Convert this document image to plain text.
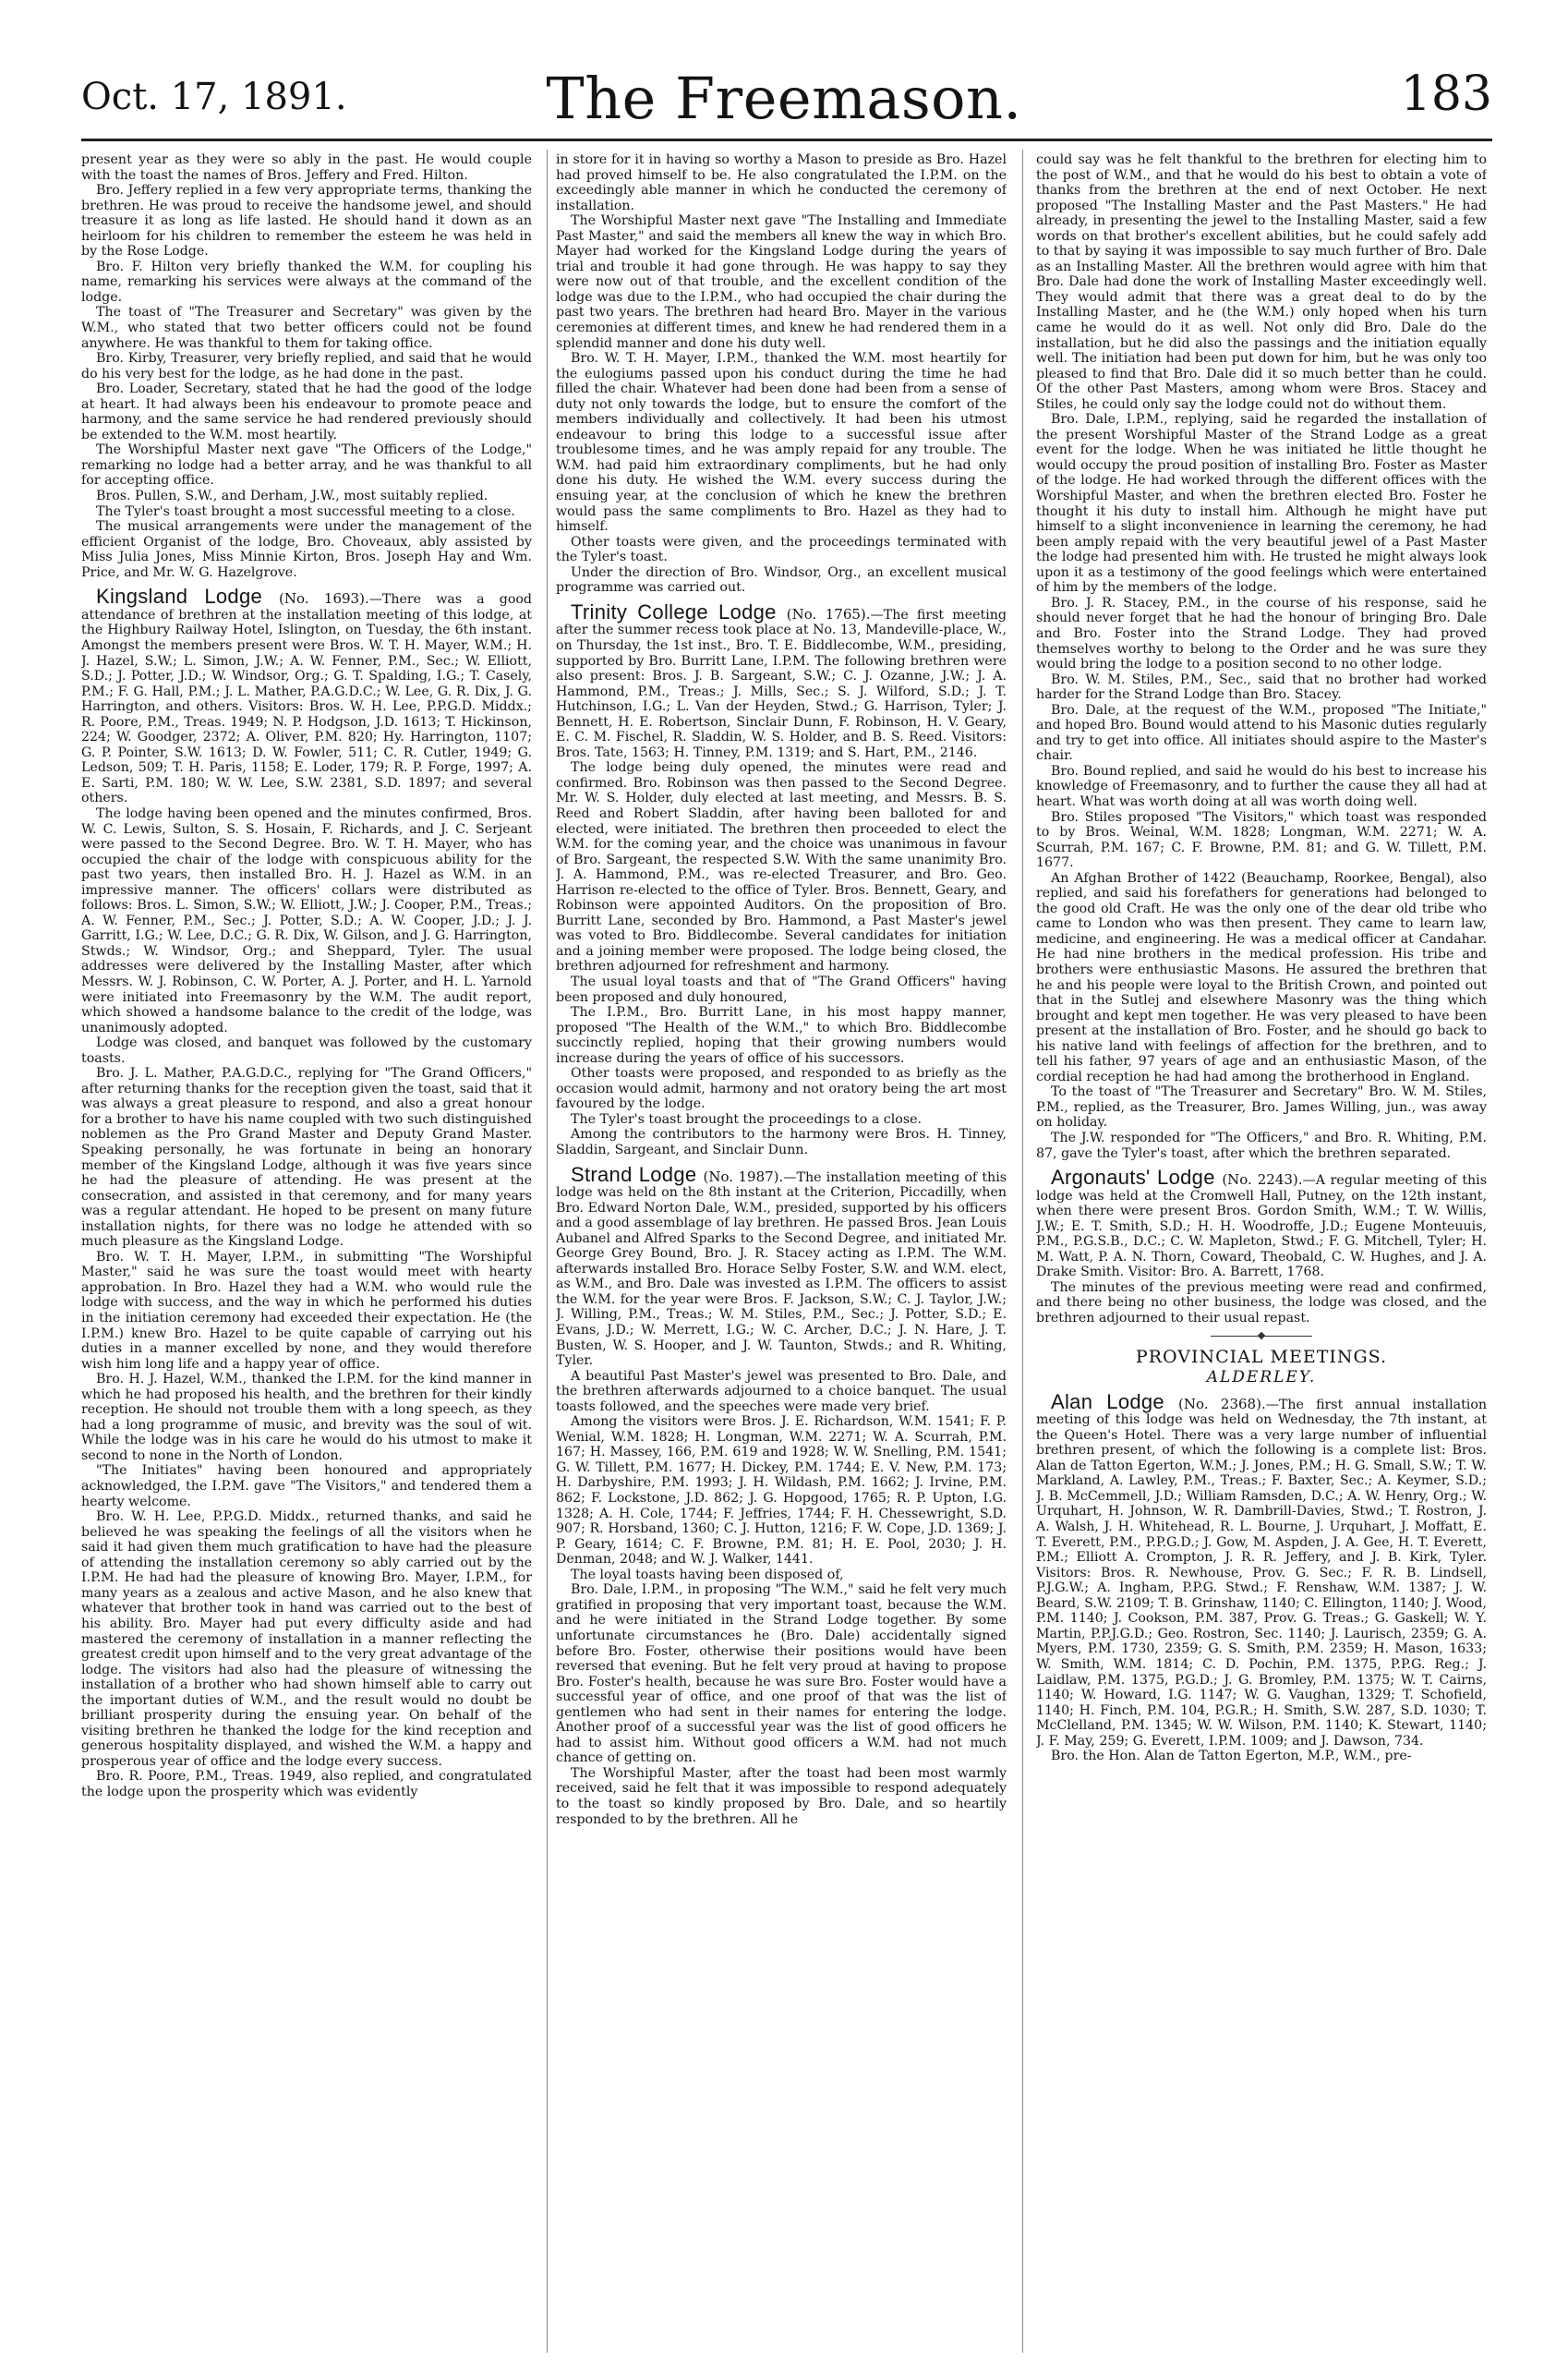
Oct. 17, 1891.	The Freemason.	183

present year as they were so ably in the past. He would couple with the toast the names of Bros. Jeffery and Fred. Hilton.

Bro. Jeffery replied in a few very appropriate terms, thanking the brethren. He was proud to receive the handsome jewel, and should treasure it as long as life lasted. He should hand it down as an heirloom for his children to remember the esteem he was held in by the Rose Lodge.

Bro. F. Hilton very briefly thanked the W.M. for coupling his name, remarking his services were always at the command of the lodge.

The toast of "The Treasurer and Secretary" was given by the W.M., who stated that two better officers could not be found anywhere. He was thankful to them for taking office.

Bro. Kirby, Treasurer, very briefly replied, and said that he would do his very best for the lodge, as he had done in the past.

Bro. Loader, Secretary, stated that he had the good of the lodge at heart. It had always been his endeavour to promote peace and harmony, and the same service he had rendered previously should be extended to the W.M. most heartily.

The Worshipful Master next gave "The Officers of the Lodge," remarking no lodge had a better array, and he was thankful to all for accepting office.

Bros. Pullen, S.W., and Derham, J.W., most suitably replied.

The Tyler's toast brought a most successful meeting to a close.

The musical arrangements were under the management of the efficient Organist of the lodge, Bro. Choveaux, ably assisted by Miss Julia Jones, Miss Minnie Kirton, Bros. Joseph Hay and Wm. Price, and Mr. W. G. Hazelgrove.

Kingsland Lodge (No. 1693).—There was a good attendance of brethren at the installation meeting of this lodge, at the Highbury Railway Hotel, Islington, on Tuesday, the 6th instant. Amongst the members present were Bros. W. T. H. Mayer, W.M.; H. J. Hazel, S.W.; L. Simon, J.W.; A. W. Fenner, P.M., Sec.; W. Elliott, S.D.; J. Potter, J.D.; W. Windsor, Org.; G. T. Spalding, I.G.; T. Casely, P.M.; F. G. Hall, P.M.; J. L. Mather, P.A.G.D.C.; W. Lee, G. R. Dix, J. G. Harrington, and others. Visitors: Bros. W. H. Lee, P.P.G.D. Middx.; R. Poore, P.M., Treas. 1949; N. P. Hodgson, J.D. 1613; T. Hickinson, 224; W. Goodger, 2372; A. Oliver, P.M. 820; Hy. Harrington, 1107; G. P. Pointer, S.W. 1613; D. W. Fowler, 511; C. R. Cutler, 1949; G. Ledson, 509; T. H. Paris, 1158; E. Loder, 179; R. P. Forge, 1997; A. E. Sarti, P.M. 180; W. W. Lee, S.W. 2381, S.D. 1897; and several others.

The lodge having been opened and the minutes confirmed, Bros. W. C. Lewis, Sulton, S. S. Hosain, F. Richards, and J. C. Serjeant were passed to the Second Degree. Bro. W. T. H. Mayer, who has occupied the chair of the lodge with conspicuous ability for the past two years, then installed Bro. H. J. Hazel as W.M. in an impressive manner. The officers' collars were distributed as follows: Bros. L. Simon, S.W.; W. Elliott, J.W.; J. Cooper, P.M., Treas.; A. W. Fenner, P.M., Sec.; J. Potter, S.D.; A. W. Cooper, J.D.; J. J. Garritt, I.G.; W. Lee, D.C.; G. R. Dix, W. Gilson, and J. G. Harrington, Stwds.; W. Windsor, Org.; and Sheppard, Tyler. The usual addresses were delivered by the Installing Master, after which Messrs. W. J. Robinson, C. W. Porter, A. J. Porter, and H. L. Yarnold were initiated into Freemasonry by the W.M. The audit report, which showed a handsome balance to the credit of the lodge, was unanimously adopted.

Lodge was closed, and banquet was followed by the customary toasts.

Bro. J. L. Mather, P.A.G.D.C., replying for "The Grand Officers," after returning thanks for the reception given the toast, said that it was always a great pleasure to respond, and also a great honour for a brother to have his name coupled with two such distinguished noblemen as the Pro Grand Master and Deputy Grand Master. Speaking personally, he was fortunate in being an honorary member of the Kingsland Lodge, although it was five years since he had the pleasure of attending. He was present at the consecration, and assisted in that ceremony, and for many years was a regular attendant. He hoped to be present on many future installation nights, for there was no lodge he attended with so much pleasure as the Kingsland Lodge.

Bro. W. T. H. Mayer, I.P.M., in submitting "The Worshipful Master," said he was sure the toast would meet with hearty approbation. In Bro. Hazel they had a W.M. who would rule the lodge with success, and the way in which he performed his duties in the initiation ceremony had exceeded their expectation. He (the I.P.M.) knew Bro. Hazel to be quite capable of carrying out his duties in a manner excelled by none, and they would therefore wish him long life and a happy year of office.

Bro. H. J. Hazel, W.M., thanked the I.P.M. for the kind manner in which he had proposed his health, and the brethren for their kindly reception. He should not trouble them with a long speech, as they had a long programme of music, and brevity was the soul of wit. While the lodge was in his care he would do his utmost to make it second to none in the North of London.

"The Initiates" having been honoured and appropriately acknowledged, the I.P.M. gave "The Visitors," and tendered them a hearty welcome.

Bro. W. H. Lee, P.P.G.D. Middx., returned thanks, and said he believed he was speaking the feelings of all the visitors when he said it had given them much gratification to have had the pleasure of attending the installation ceremony so ably carried out by the I.P.M. He had had the pleasure of knowing Bro. Mayer, I.P.M., for many years as a zealous and active Mason, and he also knew that whatever that brother took in hand was carried out to the best of his ability. Bro. Mayer had put every difficulty aside and had mastered the ceremony of installation in a manner reflecting the greatest credit upon himself and to the very great advantage of the lodge. The visitors had also had the pleasure of witnessing the installation of a brother who had shown himself able to carry out the important duties of W.M., and the result would no doubt be brilliant prosperity during the ensuing year. On behalf of the visiting brethren he thanked the lodge for the kind reception and generous hospitality displayed, and wished the W.M. a happy and prosperous year of office and the lodge every success.

Bro. R. Poore, P.M., Treas. 1949, also replied, and congratulated the lodge upon the prosperity which was evidently

in store for it in having so worthy a Mason to preside as Bro. Hazel had proved himself to be. He also congratulated the I.P.M. on the exceedingly able manner in which he conducted the ceremony of installation.

The Worshipful Master next gave "The Installing and Immediate Past Master," and said the members all knew the way in which Bro. Mayer had worked for the Kingsland Lodge during the years of trial and trouble it had gone through. He was happy to say they were now out of that trouble, and the excellent condition of the lodge was due to the I.P.M., who had occupied the chair during the past two years. The brethren had heard Bro. Mayer in the various ceremonies at different times, and knew he had rendered them in a splendid manner and done his duty well.

Bro. W. T. H. Mayer, I.P.M., thanked the W.M. most heartily for the eulogiums passed upon his conduct during the time he had filled the chair. Whatever had been done had been from a sense of duty not only towards the lodge, but to ensure the comfort of the members individually and collectively. It had been his utmost endeavour to bring this lodge to a successful issue after troublesome times, and he was amply repaid for any trouble. The W.M. had paid him extraordinary compliments, but he had only done his duty. He wished the W.M. every success during the ensuing year, at the conclusion of which he knew the brethren would pass the same compliments to Bro. Hazel as they had to himself.

Other toasts were given, and the proceedings terminated with the Tyler's toast.

Under the direction of Bro. Windsor, Org., an excellent musical programme was carried out.

Trinity College Lodge (No. 1765).—The first meeting after the summer recess took place at No. 13, Mandeville-place, W., on Thursday, the 1st inst., Bro. T. E. Biddlecombe, W.M., presiding, supported by Bro. Burritt Lane, I.P.M. The following brethren were also present: Bros. J. B. Sargeant, S.W.; C. J. Ozanne, J.W.; J. A. Hammond, P.M., Treas.; J. Mills, Sec.; S. J. Wilford, S.D.; J. T. Hutchinson, I.G.; L. Van der Heyden, Stwd.; G. Harrison, Tyler; J. Bennett, H. E. Robertson, Sinclair Dunn, F. Robinson, H. V. Geary, E. C. M. Fischel, R. Sladdin, W. S. Holder, and B. S. Reed. Visitors: Bros. Tate, 1563; H. Tinney, P.M. 1319; and S. Hart, P.M., 2146.

The lodge being duly opened, the minutes were read and confirmed. Bro. Robinson was then passed to the Second Degree. Mr. W. S. Holder, duly elected at last meeting, and Messrs. B. S. Reed and Robert Sladdin, after having been balloted for and elected, were initiated. The brethren then proceeded to elect the W.M. for the coming year, and the choice was unanimous in favour of Bro. Sargeant, the respected S.W. With the same unanimity Bro. J. A. Hammond, P.M., was re-elected Treasurer, and Bro. Geo. Harrison re-elected to the office of Tyler. Bros. Bennett, Geary, and Robinson were appointed Auditors. On the proposition of Bro. Burritt Lane, seconded by Bro. Hammond, a Past Master's jewel was voted to Bro. Biddlecombe. Several candidates for initiation and a joining member were proposed. The lodge being closed, the brethren adjourned for refreshment and harmony.

The usual loyal toasts and that of "The Grand Officers" having been proposed and duly honoured,

The I.P.M., Bro. Burritt Lane, in his most happy manner, proposed "The Health of the W.M.," to which Bro. Biddlecombe succinctly replied, hoping that their growing numbers would increase during the years of office of his successors.

Other toasts were proposed, and responded to as briefly as the occasion would admit, harmony and not oratory being the art most favoured by the lodge.

The Tyler's toast brought the proceedings to a close.

Among the contributors to the harmony were Bros. H. Tinney, Sladdin, Sargeant, and Sinclair Dunn.

Strand Lodge (No. 1987).—The installation meeting of this lodge was held on the 8th instant at the Criterion, Piccadilly, when Bro. Edward Norton Dale, W.M., presided, supported by his officers and a good assemblage of lay brethren. He passed Bros. Jean Louis Aubanel and Alfred Sparks to the Second Degree, and initiated Mr. George Grey Bound, Bro. J. R. Stacey acting as I.P.M. The W.M. afterwards installed Bro. Horace Selby Foster, S.W. and W.M. elect, as W.M., and Bro. Dale was invested as I.P.M. The officers to assist the W.M. for the year were Bros. F. Jackson, S.W.; C. J. Taylor, J.W.; J. Willing, P.M., Treas.; W. M. Stiles, P.M., Sec.; J. Potter, S.D.; E. Evans, J.D.; W. Merrett, I.G.; W. C. Archer, D.C.; J. N. Hare, J. T. Busten, W. S. Hooper, and J. W. Taunton, Stwds.; and R. Whiting, Tyler.

A beautiful Past Master's jewel was presented to Bro. Dale, and the brethren afterwards adjourned to a choice banquet. The usual toasts followed, and the speeches were made very brief.

Among the visitors were Bros. J. E. Richardson, W.M. 1541; F. P. Wenial, W.M. 1828; H. Longman, W.M. 2271; W. A. Scurrah, P.M. 167; H. Massey, 166, P.M. 619 and 1928; W. W. Snelling, P.M. 1541; G. W. Tillett, P.M. 1677; H. Dickey, P.M. 1744; E. V. New, P.M. 173; H. Darbyshire, P.M. 1993; J. H. Wildash, P.M. 1662; J. Irvine, P.M. 862; F. Lockstone, J.D. 862; J. G. Hopgood, 1765; R. P. Upton, I.G. 1328; A. H. Cole, 1744; F. Jeffries, 1744; F. H. Chessewright, S.D. 907; R. Horsband, 1360; C. J. Hutton, 1216; F. W. Cope, J.D. 1369; J. P. Geary, 1614; C. F. Browne, P.M. 81; H. E. Pool, 2030; J. H. Denman, 2048; and W. J. Walker, 1441.

The loyal toasts having been disposed of,

Bro. Dale, I.P.M., in proposing "The W.M.," said he felt very much gratified in proposing that very important toast, because the W.M. and he were initiated in the Strand Lodge together. By some unfortunate circumstances he (Bro. Dale) accidentally signed before Bro. Foster, otherwise their positions would have been reversed that evening. But he felt very proud at having to propose Bro. Foster's health, because he was sure Bro. Foster would have a successful year of office, and one proof of that was the list of gentlemen who had sent in their names for entering the lodge. Another proof of a successful year was the list of good officers he had to assist him. Without good officers a W.M. had not much chance of getting on.

The Worshipful Master, after the toast had been most warmly received, said he felt that it was impossible to respond adequately to the toast so kindly proposed by Bro. Dale, and so heartily responded to by the brethren. All he

could say was he felt thankful to the brethren for electing him to the post of W.M., and that he would do his best to obtain a vote of thanks from the brethren at the end of next October. He next proposed "The Installing Master and the Past Masters." He had already, in presenting the jewel to the Installing Master, said a few words on that brother's excellent abilities, but he could safely add to that by saying it was impossible to say much further of Bro. Dale as an Installing Master. All the brethren would agree with him that Bro. Dale had done the work of Installing Master exceedingly well. They would admit that there was a great deal to do by the Installing Master, and he (the W.M.) only hoped when his turn came he would do it as well. Not only did Bro. Dale do the installation, but he did also the passings and the initiation equally well. The initiation had been put down for him, but he was only too pleased to find that Bro. Dale did it so much better than he could. Of the other Past Masters, among whom were Bros. Stacey and Stiles, he could only say the lodge could not do without them.

Bro. Dale, I.P.M., replying, said he regarded the installation of the present Worshipful Master of the Strand Lodge as a great event for the lodge. When he was initiated he little thought he would occupy the proud position of installing Bro. Foster as Master of the lodge. He had worked through the different offices with the Worshipful Master, and when the brethren elected Bro. Foster he thought it his duty to install him. Although he might have put himself to a slight inconvenience in learning the ceremony, he had been amply repaid with the very beautiful jewel of a Past Master the lodge had presented him with. He trusted he might always look upon it as a testimony of the good feelings which were entertained of him by the members of the lodge.

Bro. J. R. Stacey, P.M., in the course of his response, said he should never forget that he had the honour of bringing Bro. Dale and Bro. Foster into the Strand Lodge. They had proved themselves worthy to belong to the Order and he was sure they would bring the lodge to a position second to no other lodge.

Bro. W. M. Stiles, P.M., Sec., said that no brother had worked harder for the Strand Lodge than Bro. Stacey.

Bro. Dale, at the request of the W.M., proposed "The Initiate," and hoped Bro. Bound would attend to his Masonic duties regularly and try to get into office. All initiates should aspire to the Master's chair.

Bro. Bound replied, and said he would do his best to increase his knowledge of Freemasonry, and to further the cause they all had at heart. What was worth doing at all was worth doing well.

Bro. Stiles proposed "The Visitors," which toast was responded to by Bros. Weinal, W.M. 1828; Longman, W.M. 2271; W. A. Scurrah, P.M. 167; C. F. Browne, P.M. 81; and G. W. Tillett, P.M. 1677.

An Afghan Brother of 1422 (Beauchamp, Roorkee, Bengal), also replied, and said his forefathers for generations had belonged to the good old Craft. He was the only one of the dear old tribe who came to London who was then present. They came to learn law, medicine, and engineering. He was a medical officer at Candahar. He had nine brothers in the medical profession. His tribe and brothers were enthusiastic Masons. He assured the brethren that he and his people were loyal to the British Crown, and pointed out that in the Sutlej and elsewhere Masonry was the thing which brought and kept men together. He was very pleased to have been present at the installation of Bro. Foster, and he should go back to his native land with feelings of affection for the brethren, and to tell his father, 97 years of age and an enthusiastic Mason, of the cordial reception he had had among the brotherhood in England.

To the toast of "The Treasurer and Secretary" Bro. W. M. Stiles, P.M., replied, as the Treasurer, Bro. James Willing, jun., was away on holiday.

The J.W. responded for "The Officers," and Bro. R. Whiting, P.M. 87, gave the Tyler's toast, after which the brethren separated.

Argonauts' Lodge (No. 2243).—A regular meeting of this lodge was held at the Cromwell Hall, Putney, on the 12th instant, when there were present Bros. Gordon Smith, W.M.; T. W. Willis, J.W.; E. T. Smith, S.D.; H. H. Woodroffe, J.D.; Eugene Monteuuis, P.M., P.G.S.B., D.C.; C. W. Mapleton, Stwd.; F. G. Mitchell, Tyler; H. M. Watt, P. A. N. Thorn, Coward, Theobald, C. W. Hughes, and J. A. Drake Smith. Visitor: Bro. A. Barrett, 1768.

The minutes of the previous meeting were read and confirmed, and there being no other business, the lodge was closed, and the brethren adjourned to their usual repast.

PROVINCIAL MEETINGS.
ALDERLEY.

Alan Lodge (No. 2368).—The first annual installation meeting of this lodge was held on Wednesday, the 7th instant, at the Queen's Hotel. There was a very large number of influential brethren present, of which the following is a complete list: Bros. Alan de Tatton Egerton, W.M.; J. Jones, P.M.; H. G. Small, S.W.; T. W. Markland, A. Lawley, P.M., Treas.; F. Baxter, Sec.; A. Keymer, S.D.; J. B. McCemmell, J.D.; William Ramsden, D.C.; A. W. Henry, Org.; W. Urquhart, H. Johnson, W. R. Dambrill-Davies, Stwd.; T. Rostron, J. A. Walsh, J. H. Whitehead, R. L. Bourne, J. Urquhart, J. Moffatt, E. T. Everett, P.M., P.P.G.D.; J. Gow, M. Aspden, J. A. Gee, H. T. Everett, P.M.; Elliott A. Crompton, J. R. R. Jeffery, and J. B. Kirk, Tyler. Visitors: Bros. R. Newhouse, Prov. G. Sec.; F. R. B. Lindsell, P.J.G.W.; A. Ingham, P.P.G. Stwd.; F. Renshaw, W.M. 1387; J. W. Beard, S.W. 2109; T. B. Grinshaw, 1140; C. Ellington, 1140; J. Wood, P.M. 1140; J. Cookson, P.M. 387, Prov. G. Treas.; G. Gaskell; W. Y. Martin, P.P.J.G.D.; Geo. Rostron, Sec. 1140; J. Laurisch, 2359; G. A. Myers, P.M. 1730, 2359; G. S. Smith, P.M. 2359; H. Mason, 1633; W. Smith, W.M. 1814; C. D. Pochin, P.M. 1375, P.P.G. Reg.; J. Laidlaw, P.M. 1375, P.G.D.; J. G. Bromley, P.M. 1375; W. T. Cairns, 1140; W. Howard, I.G. 1147; W. G. Vaughan, 1329; T. Schofield, 1140; H. Finch, P.M. 104, P.G.R.; H. Smith, S.W. 287, S.D. 1030; T. McClelland, P.M. 1345; W. W. Wilson, P.M. 1140; K. Stewart, 1140; J. F. May, 259; G. Everett, I.P.M. 1009; and J. Dawson, 734.

Bro. the Hon. Alan de Tatton Egerton, M.P., W.M., pre-
